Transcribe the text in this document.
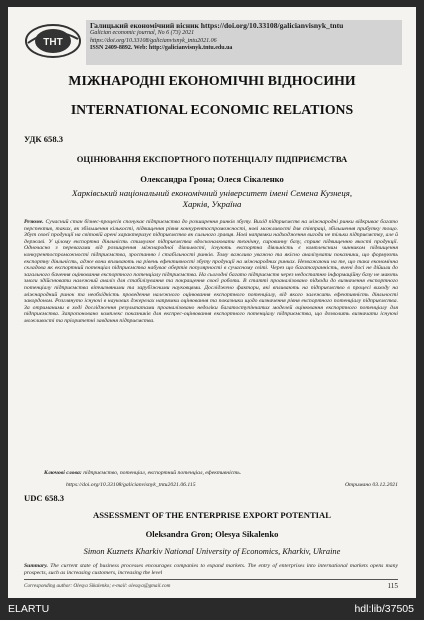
ТНТ
Галицький економічний вісник https://doi.org/10.33108/galicianvisnyk_tntu
Galician economic journal, No 6 (73) 2021
https://doi.org/10.33108/galicianvisnyk_tntu2021.06
ISSN 2409-8892. Web: http://galicianvisnyk.tntu.edu.ua
МІЖНАРОДНІ ЕКОНОМІЧНІ ВІДНОСИНИ
INTERNATIONAL ECONOMIC RELATIONS
УДК 658.3
ОЦІНЮВАННЯ ЕКСПОРТНОГО ПОТЕНЦІАЛУ ПІДПРИЄМСТВА
Олександра Грона; Олеся Сікаленко
Харківський національний економічний університет імені Семена Кузнеця, Харків, Україна
Резюме. Сучасний стан бізнес-процесів спонукає підприємства до розширення ринків збуту. Вихід підприємств на міжнародні ринки відкриває багато перспектив, таких, як збільшення кількості, підвищення рівня конкурентоспроможності, нові можливості для співпраці, збільшення прибутку тощо. Збут своєї продукції на світовій арені характеризує підприємство як сильного гравця. Нові напрямки надходження вигоди не тільки підприємству, але й державі. У цілому експортна діяльність стимулює підприємства вдосконалювати технічну, сировинну базу, сприяє підвищенню якості продукції. Одночасно з перевагами від розширення міжнародної діяльності, існують експортна діяльність є комплексним чинником підвищення конкурентоспроможності підприємства, зростанню і стабільності ринків. Тому важливо уважно та якісно аналізувати показники, що формують експортну діяльність, адже вони впливають на рівень ефективності збуту продукції на міжнародних ринках. Незважаючи на те, що така економічна складова як експортний потенціал підприємства набуває обертів популярності в сучасному світі. Через що багатогранність, вчені досі не дійшли до загального бачення оцінювання експортного потенціалу підприємства. На сьогодні багато підприємств через недостатню інформаційну базу не мають змоги здійснювати належний аналіз для стабілізування та покращення своєї роботи. В статті проаналізовано підходи до визначення експортного потенціалу підприємства вітчизняними та зарубіжними науковцями. Досліджено фактори, які впливають на підприємство в процесі виходу на міжнародний ринок та необхідність проведення належного оцінювання експортного потенціалу, від якого залежить ефективність діяльності закордоном. Розглянуто існуючі в наукових джерелах напрямки оцінювання та показники щодо визначення рівня експортного потенціалу підприємства. За отриманими в ході дослідження результатами проаналізовано недоліки багатоступінчатих моделей оцінювання експортного потенціалу для підприємства. Запропоновано комплекс показників для експрес-оцінювання експортного потенціалу підприємства, що дозволить визначати існуючі можливості та пріоритетні завдання підприємства.
Ключові слова: підприємство, потенціал, експортний потенціал, ефективність.
https://doi.org/10.33108/galicianvisnyk_tntu2021.06.115	Отримано 03.12.2021
UDC 658.3
ASSESSMENT OF THE ENTERPRISE EXPORT POTENTIAL
Oleksandra Gron; Olesya Sikalenko
Simon Kuznets Kharkiv National University of Economics, Kharkiv, Ukraine
Summary. The current state of business processes encourages companies to expand markets. The entry of enterprises into international markets opens many prospects, such as increasing customers, increasing the level
Corresponding author: Olesya Sikalenko; e-mail: olessya@gmail.com	115
ELARTU	hdl:lib/37505
